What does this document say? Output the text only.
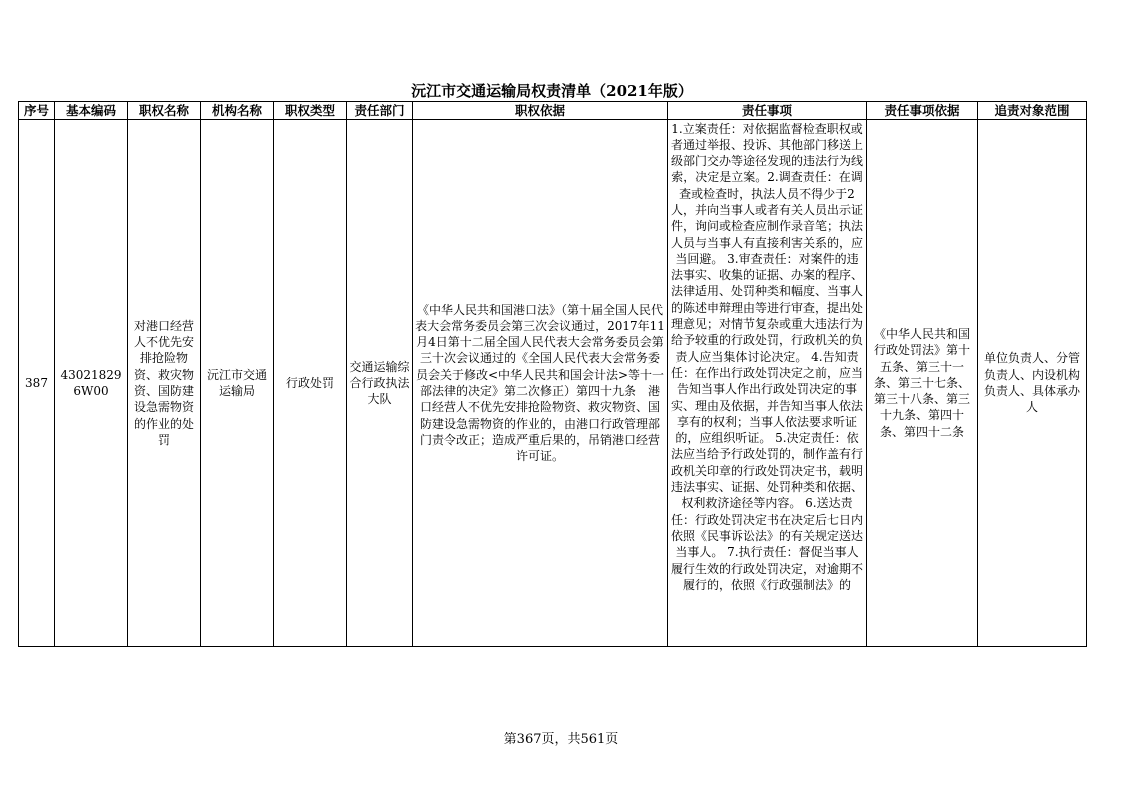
沅江市交通运输局权责清单（2021年版）
序号	基本编码	职权名称	机构名称	职权类型	责任部门	职权依据	责任事项	责任事项依据	追责对象范围
387	430218296W00	对港口经营人不优先安排抢险物资、救灾物资、国防建设急需物资的作业的处罚	沅江市交通运输局	行政处罚	交通运输综合行政执法大队	《中华人民共和国港口法》（第十届全国人民代表大会常务委员会第三次会议通过，2017年11月4日第十二届全国人民代表大会常务委员会第三十次会议通过的《全国人民代表大会常务委员会关于修改<中华人民共和国会计法>等十一部法律的决定》第二次修正）第四十九条　港口经营人不优先安排抢险物资、救灾物资、国防建设急需物资的作业的，由港口行政管理部门责令改正；造成严重后果的，吊销港口经营许可证。	1.立案责任：对依据监督检查职权或者通过举报、投诉、其他部门移送上级部门交办等途径发现的违法行为线索，决定是立案。2.调查责任：在调查或检查时，执法人员不得少于2人，并向当事人或者有关人员出示证件，询问或检查应制作录音笔；执法人员与当事人有直接利害关系的，应当回避。 3.审查责任：对案件的违法事实、收集的证据、办案的程序、法律适用、处罚种类和幅度、当事人的陈述申辩理由等进行审查，提出处理意见；对情节复杂或重大违法行为给予较重的行政处罚，行政机关的负责人应当集体讨论决定。 4.告知责任：在作出行政处罚决定之前，应当告知当事人作出行政处罚决定的事实、理由及依据，并告知当事人依法享有的权利；当事人依法要求听证的，应组织听证。 5.决定责任：依法应当给予行政处罚的，制作盖有行政机关印章的行政处罚决定书，载明违法事实、证据、处罚种类和依据、权利救济途径等内容。 6.送达责任：行政处罚决定书在决定后七日内依照《民事诉讼法》的有关规定送达当事人。 7.执行责任：督促当事人履行生效的行政处罚决定，对逾期不履行的，依照《行政强制法》的	《中华人民共和国行政处罚法》第十五条、第三十一条、第三十七条、第三十八条、第三十九条、第四十条、第四十二条	单位负责人、分管负责人、内设机构负责人、具体承办人
第367页，共561页
